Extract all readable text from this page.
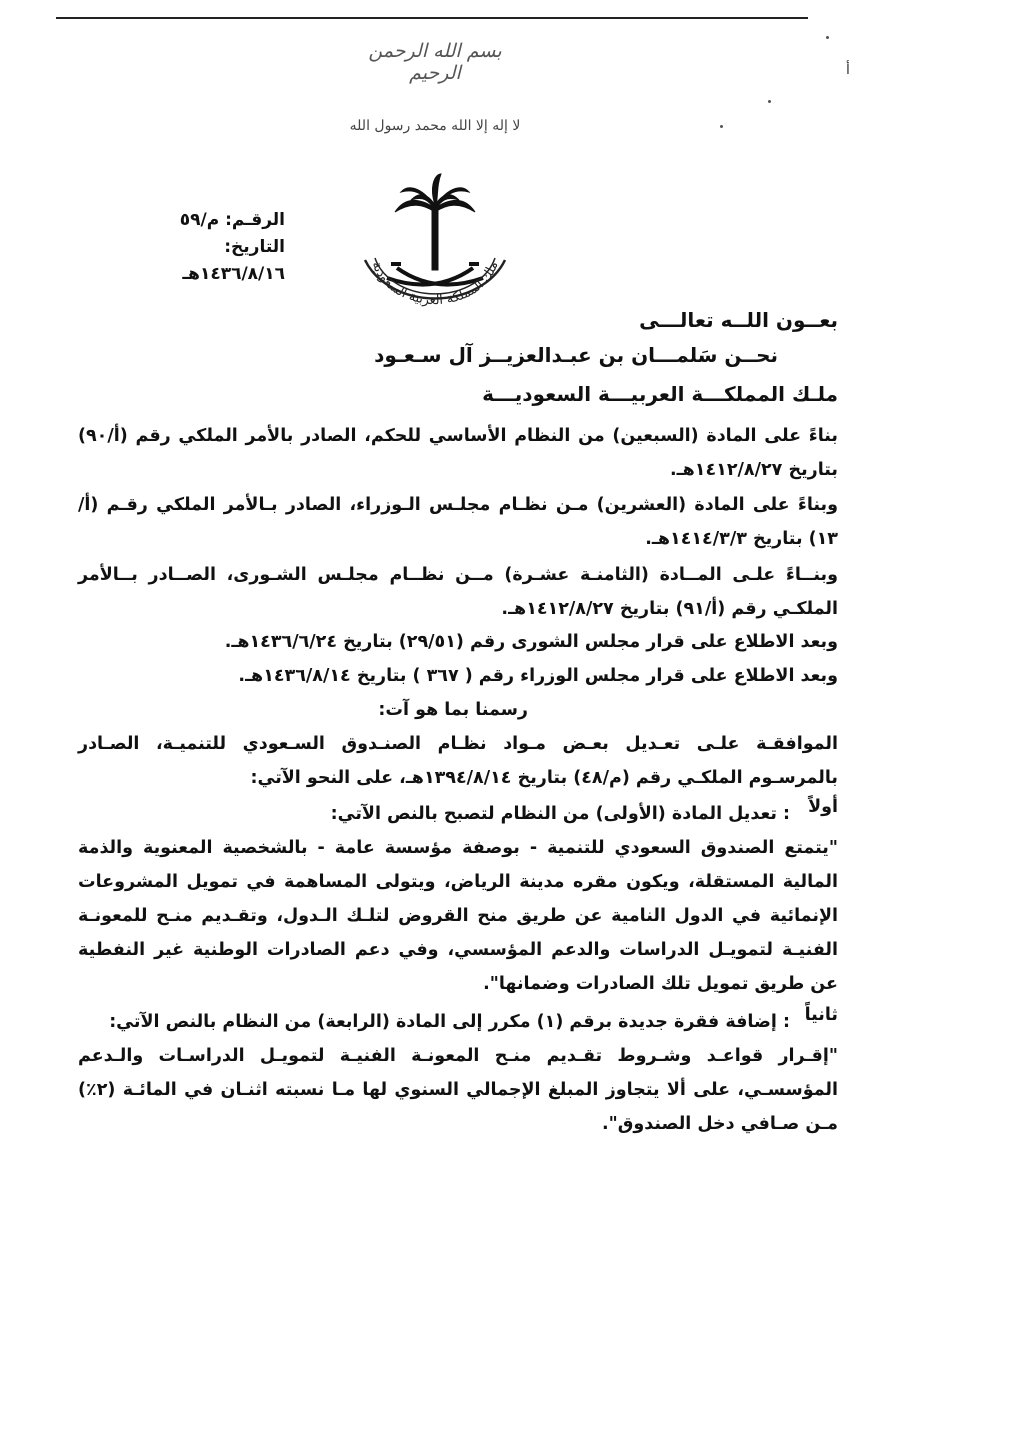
أ
بسم الله الرحمن الرحيم
لا إله إلا الله محمد رسول الله
ملك المملكة العربية السعودية
الرقـم: م/٥٩
التاريخ: ١٤٣٦/٨/١٦هـ
بعــون اللــه تعالـــى
نحــن سَلمـــان بن عبـدالعزيــز آل سـعـود
ملـك المملكـــة العربيـــة السعوديـــة
بناءً على المادة (السبعين) من النظام الأساسي للحكم، الصادر بالأمر الملكي رقم (أ/٩٠) بتاريخ ١٤١٢/٨/٢٧هـ.
وبناءً على المادة (العشرين) مـن نظـام مجلـس الـوزراء، الصادر بـالأمر الملكي رقـم (أ/١٣) بتاريخ ١٤١٤/٣/٣هـ.
وبنــاءً علـى المــادة (الثامنـة عشـرة) مــن نظــام مجلـس الشـورى، الصــادر بــالأمر الملكـي رقم (أ/٩١) بتاريخ ١٤١٢/٨/٢٧هـ.
وبعد الاطلاع على قرار مجلس الشورى رقم (٢٩/٥١) بتاريخ ١٤٣٦/٦/٢٤هـ.
وبعد الاطلاع على قرار مجلس الوزراء رقم ( ٣٦٧ ) بتاريخ ١٤٣٦/٨/١٤هـ.
رسمنا بما هو آت:
الموافقـة علـى تعـديل بعـض مـواد نظـام الصنـدوق السـعودي للتنميـة، الصـادر بالمرسـوم الملكـي رقم (م/٤٨) بتاريخ ١٣٩٤/٨/١٤هـ، على النحو الآتي:
أولاً
: تعديل المادة (الأولى) من النظام لتصبح بالنص الآتي:
"يتمتع الصندوق السعودي للتنمية - بوصفة مؤسسة عامة - بالشخصية المعنوية والذمة المالية المستقلة، ويكون مقره مدينة الرياض، ويتولى المساهمة في تمويل المشروعات الإنمائية في الدول النامية عن طريق منح القروض لتلـك الـدول، وتقـديم منـح للمعونـة الفنيـة لتمويـل الدراسات والدعم المؤسسي، وفي دعم الصادرات الوطنية غير النفطية عن طريق تمويل تلك الصادرات وضمانها".
ثانياً
: إضافة فقرة جديدة برقم (١) مكرر إلى المادة (الرابعة) من النظام بالنص الآتي:
"إقـرار قواعـد وشـروط تقـديم منـح المعونـة الفنيـة لتمويـل الدراسـات والـدعم المؤسسـي، على ألا يتجاوز المبلغ الإجمالي السنوي لها مـا نسبته اثنـان في المائـة (٢٪) مـن صـافي دخل الصندوق".
